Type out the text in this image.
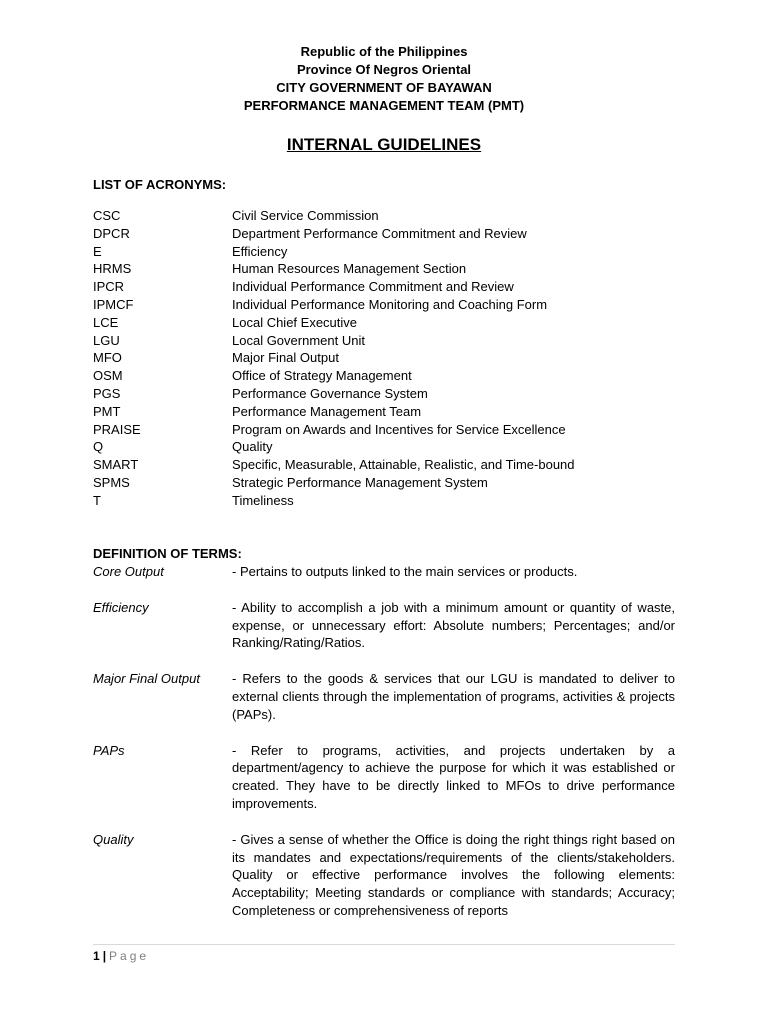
Republic of the Philippines
Province Of Negros Oriental
CITY GOVERNMENT OF BAYAWAN
PERFORMANCE MANAGEMENT TEAM (PMT)
INTERNAL GUIDELINES
LIST OF ACRONYMS:
CSC	Civil Service Commission
DPCR	Department Performance Commitment and Review
E	Efficiency
HRMS	Human Resources Management Section
IPCR	Individual Performance Commitment and Review
IPMCF	Individual Performance Monitoring and Coaching Form
LCE	Local Chief Executive
LGU	Local Government Unit
MFO	Major Final Output
OSM	Office of Strategy Management
PGS	Performance Governance System
PMT	Performance Management Team
PRAISE	Program on Awards and Incentives for Service Excellence
Q	Quality
SMART	Specific, Measurable, Attainable, Realistic, and Time-bound
SPMS	Strategic Performance Management System
T	Timeliness
DEFINITION OF TERMS:
Core Output	- Pertains to outputs linked to the main services or products.
Efficiency	- Ability to accomplish a job with a minimum amount or quantity of waste, expense, or unnecessary effort: Absolute numbers; Percentages; and/or Ranking/Rating/Ratios.
Major Final Output	- Refers to the goods & services that our LGU is mandated to deliver to external clients through the implementation of programs, activities & projects (PAPs).
PAPs	- Refer to programs, activities, and projects undertaken by a department/agency to achieve the purpose for which it was established or created. They have to be directly linked to MFOs to drive performance improvements.
Quality	- Gives a sense of whether the Office is doing the right things right based on its mandates and expectations/requirements of the clients/stakeholders. Quality or effective performance involves the following elements: Acceptability; Meeting standards or compliance with standards; Accuracy; Completeness or comprehensiveness of reports
1 | Page
